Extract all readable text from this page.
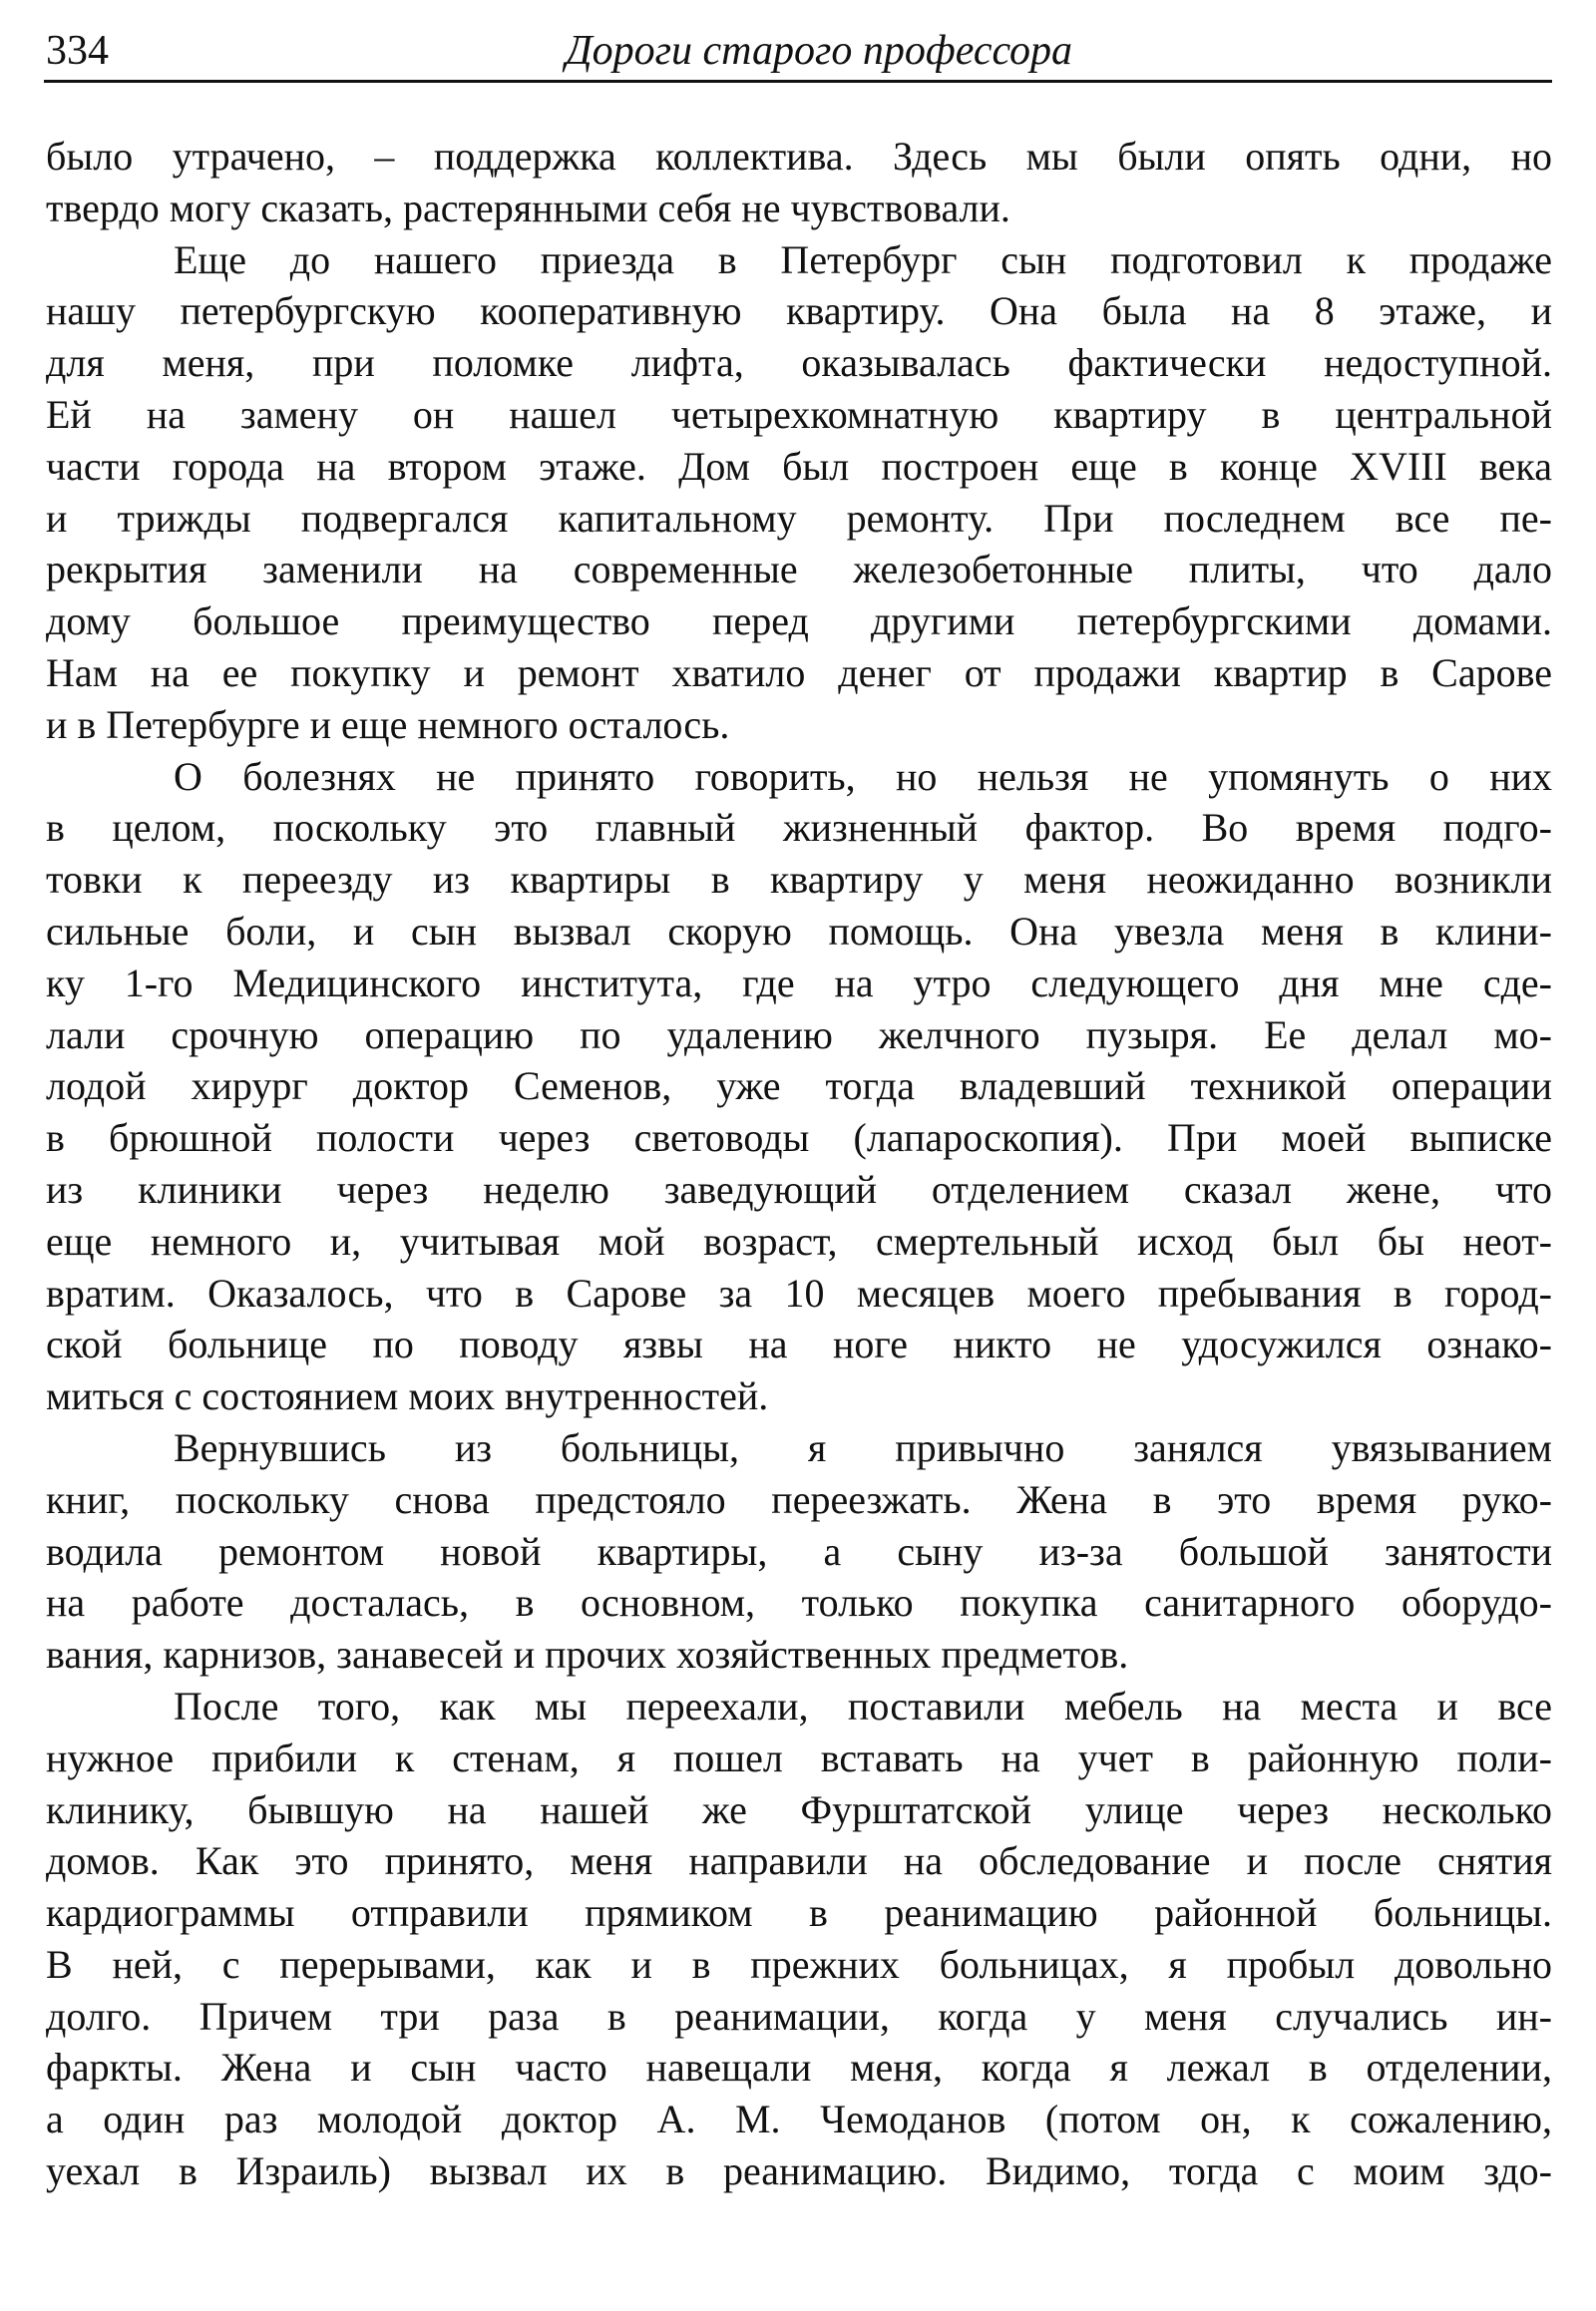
334	Дороги старого профессора
было утрачено, – поддержка коллектива. Здесь мы были опять одни, но
твердо могу сказать, растерянными себя не чувствовали.
Еще до нашего приезда в Петербург сын подготовил к продаже
нашу петербургскую кооперативную квартиру. Она была на 8 этаже, и
для меня, при поломке лифта, оказывалась фактически недоступной.
Ей на замену он нашел четырехкомнатную квартиру в центральной
части города на втором этаже. Дом был построен еще в конце XVIII века
и трижды подвергался капитальному ремонту. При последнем все пе-
рекрытия заменили на современные железобетонные плиты, что дало
дому большое преимущество перед другими петербургскими домами.
Нам на ее покупку и ремонт хватило денег от продажи квартир в Сарове
и в Петербурге и еще немного осталось.
О болезнях не принято говорить, но нельзя не упомянуть о них
в целом, поскольку это главный жизненный фактор. Во время подго-
товки к переезду из квартиры в квартиру у меня неожиданно возникли
сильные боли, и сын вызвал скорую помощь. Она увезла меня в клини-
ку 1-го Медицинского института, где на утро следующего дня мне сде-
лали срочную операцию по удалению желчного пузыря. Ее делал мо-
лодой хирург доктор Семенов, уже тогда владевший техникой операции
в брюшной полости через световоды (лапароскопия). При моей выписке
из клиники через неделю заведующий отделением сказал жене, что
еще немного и, учитывая мой возраст, смертельный исход был бы неот-
вратим. Оказалось, что в Сарове за 10 месяцев моего пребывания в город-
ской больнице по поводу язвы на ноге никто не удосужился ознако-
миться с состоянием моих внутренностей.
Вернувшись из больницы, я привычно занялся увязыванием
книг, поскольку снова предстояло переезжать. Жена в это время руко-
водила ремонтом новой квартиры, а сыну из-за большой занятости
на работе досталась, в основном, только покупка санитарного оборудо-
вания, карнизов, занавесей и прочих хозяйственных предметов.
После того, как мы переехали, поставили мебель на места и все
нужное прибили к стенам, я пошел вставать на учет в районную поли-
клинику, бывшую на нашей же Фурштатской улице через несколько
домов. Как это принято, меня направили на обследование и после снятия
кардиограммы отправили прямиком в реанимацию районной больницы.
В ней, с перерывами, как и в прежних больницах, я пробыл довольно
долго. Причем три раза в реанимации, когда у меня случались ин-
фаркты. Жена и сын часто навещали меня, когда я лежал в отделении,
а один раз молодой доктор А. М. Чемоданов (потом он, к сожалению,
уехал в Израиль) вызвал их в реанимацию. Видимо, тогда с моим здо-
